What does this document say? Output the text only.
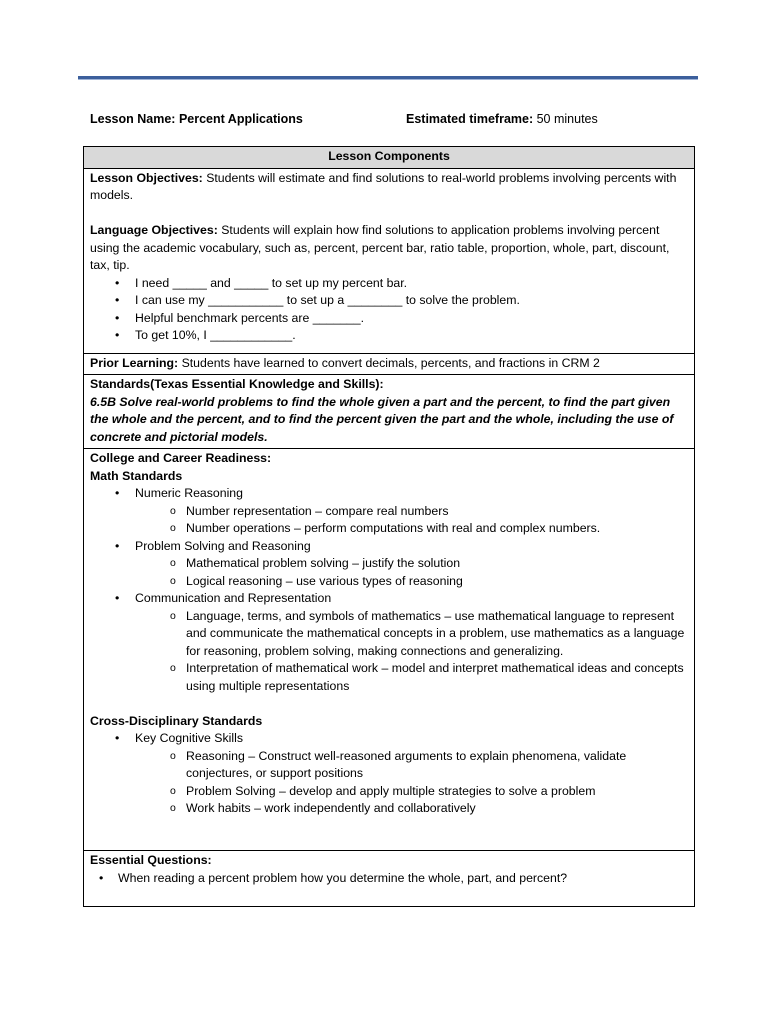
Lesson Name: Percent Applications	Estimated timeframe: 50 minutes
Lesson Components

Lesson Objectives: Students will estimate and find solutions to real-world problems involving percents with models.

Language Objectives: Students will explain how find solutions to application problems involving percent using the academic vocabulary, such as, percent, percent bar, ratio table, proportion, whole, part, discount, tax, tip.

• I need _____ and _____ to set up my percent bar.

• I can use my ___________ to set up a ________ to solve the problem.

• Helpful benchmark percents are _______.

• To get 10%, I ____________.

Prior Learning: Students have learned to convert decimals, percents, and fractions in CRM 2

Standards(Texas Essential Knowledge and Skills):

6.5B Solve real-world problems to find the whole given a part and the percent, to find the part given the whole and the percent, and to find the percent given the part and the whole, including the use of concrete and pictorial models.

College and Career Readiness:

Math Standards

• Numeric Reasoning

o Number representation – compare real numbers

o Number operations – perform computations with real and complex numbers.

• Problem Solving and Reasoning

o Mathematical problem solving – justify the solution

o Logical reasoning – use various types of reasoning

• Communication and Representation

o Language, terms, and symbols of mathematics – use mathematical language to represent and communicate the mathematical concepts in a problem, use mathematics as a language for reasoning, problem solving, making connections and generalizing.

o Interpretation of mathematical work – model and interpret mathematical ideas and concepts using multiple representations

Cross-Disciplinary Standards

• Key Cognitive Skills

o Reasoning – Construct well-reasoned arguments to explain phenomena, validate conjectures, or support positions

o Problem Solving – develop and apply multiple strategies to solve a problem

o Work habits – work independently and collaboratively

Essential Questions:

• When reading a percent problem how you determine the whole, part, and percent?
